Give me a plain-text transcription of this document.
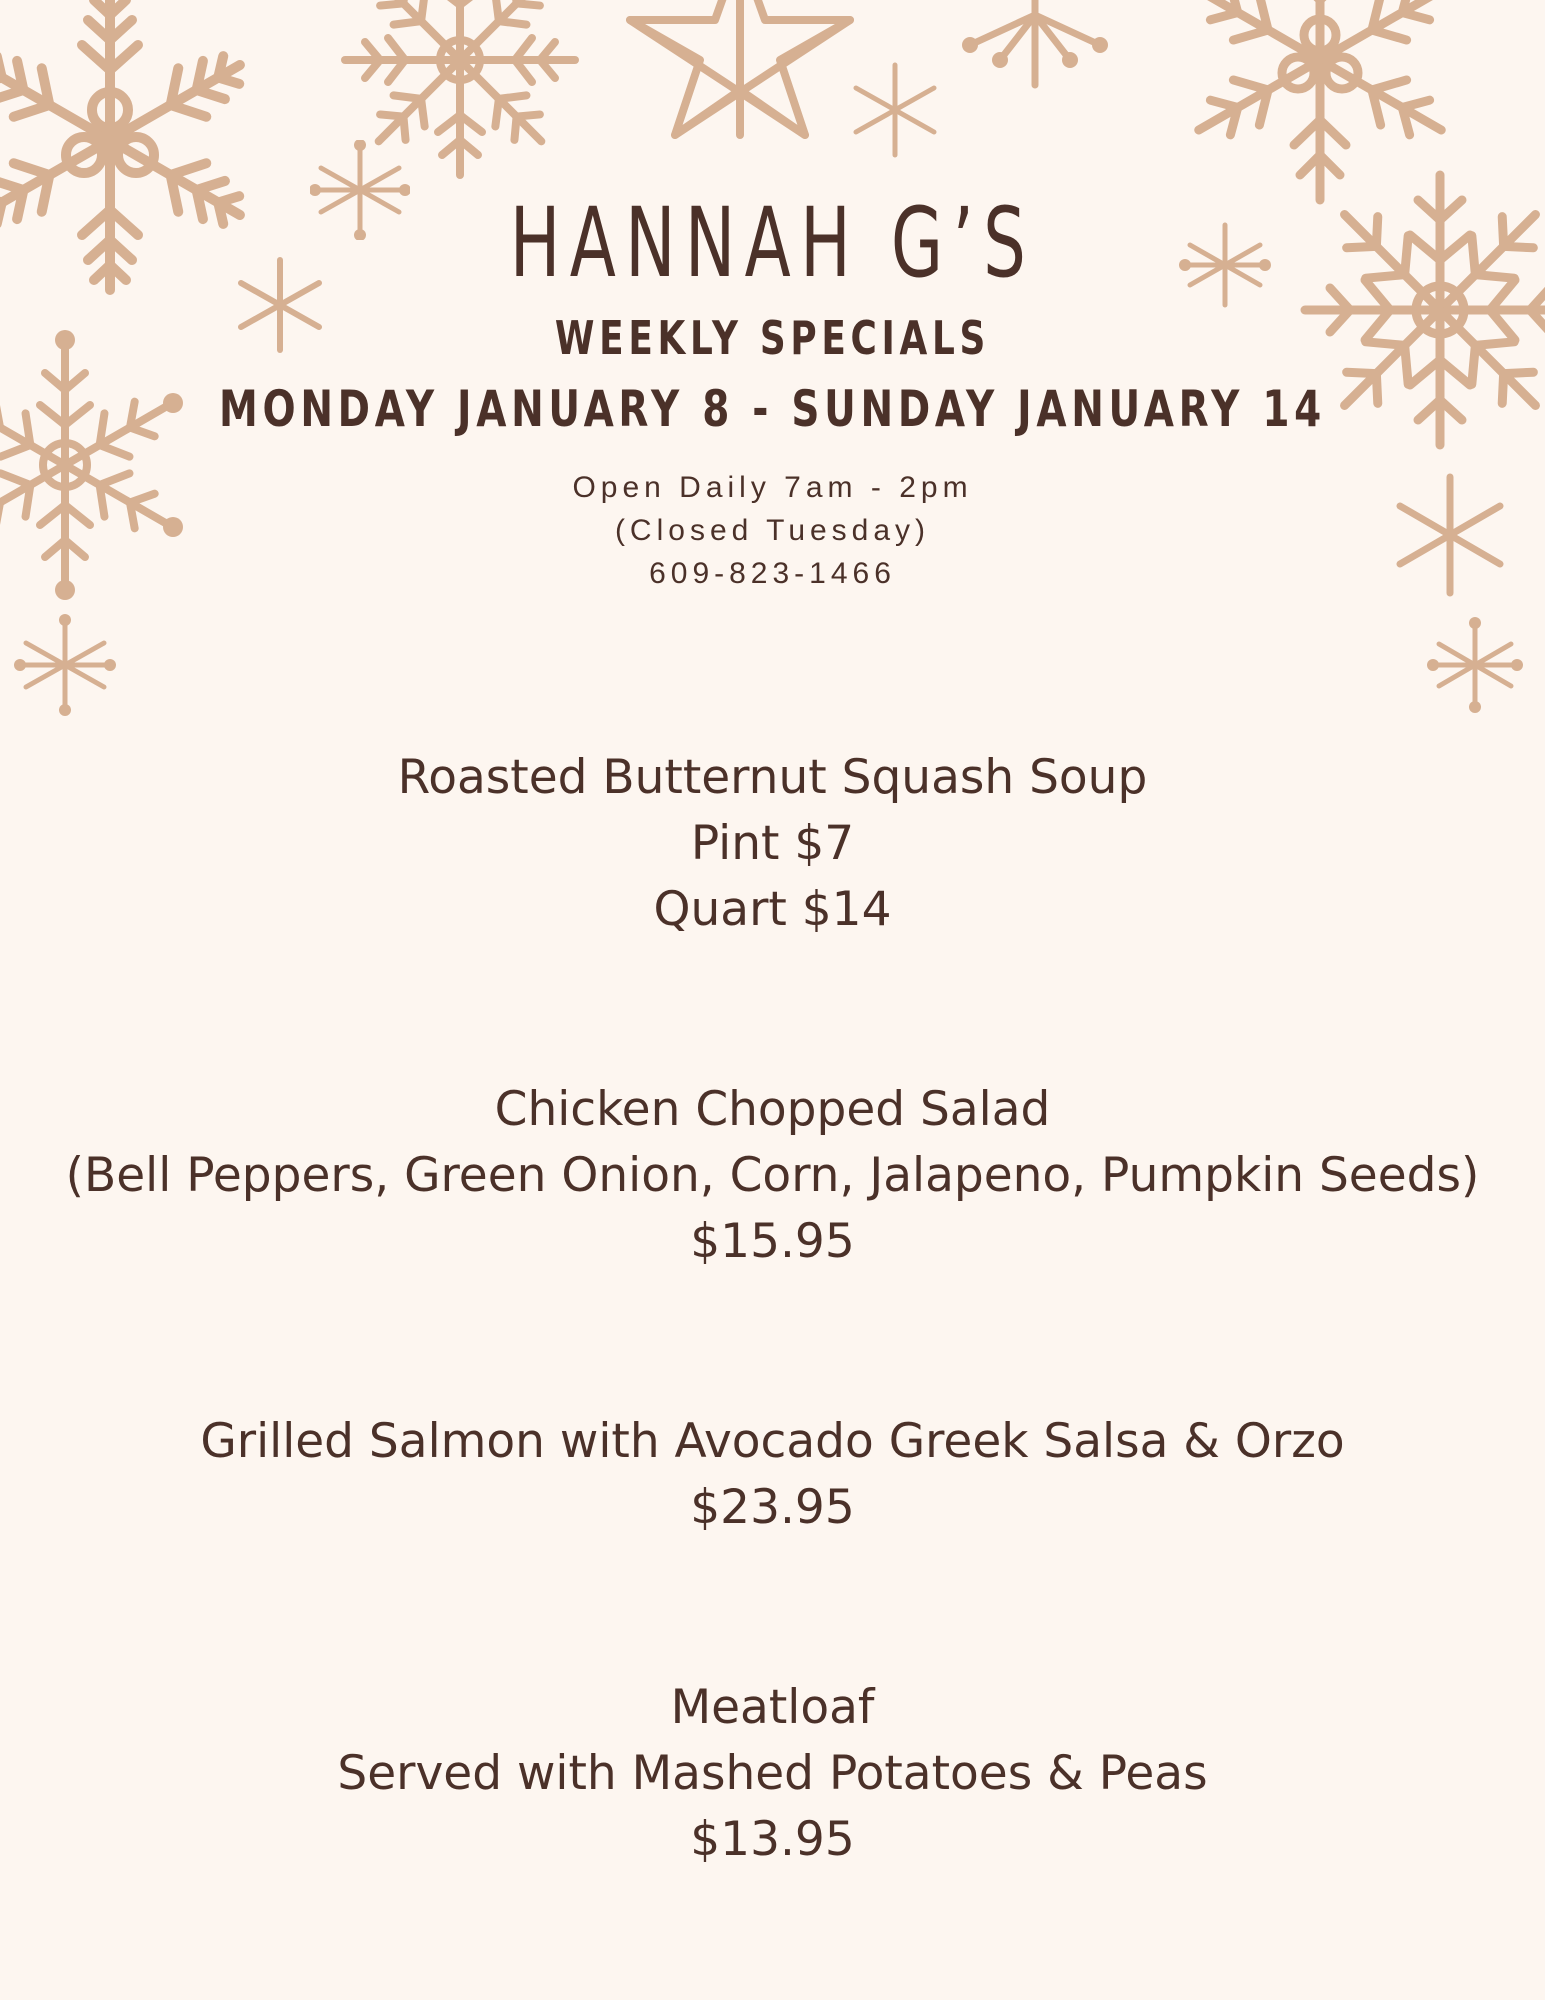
HANNAH G’S
WEEKLY SPECIALS
MONDAY JANUARY 8 - SUNDAY JANUARY 14
Open Daily 7am - 2pm
(Closed Tuesday)
609-823-1466

Roasted Butternut Squash Soup

Pint $7

Quart $14

Chicken Chopped Salad

(Bell Peppers, Green Onion, Corn, Jalapeno, Pumpkin Seeds)

$15.95

Grilled Salmon with Avocado Greek Salsa & Orzo

$23.95

Meatloaf

Served with Mashed Potatoes & Peas

$13.95
